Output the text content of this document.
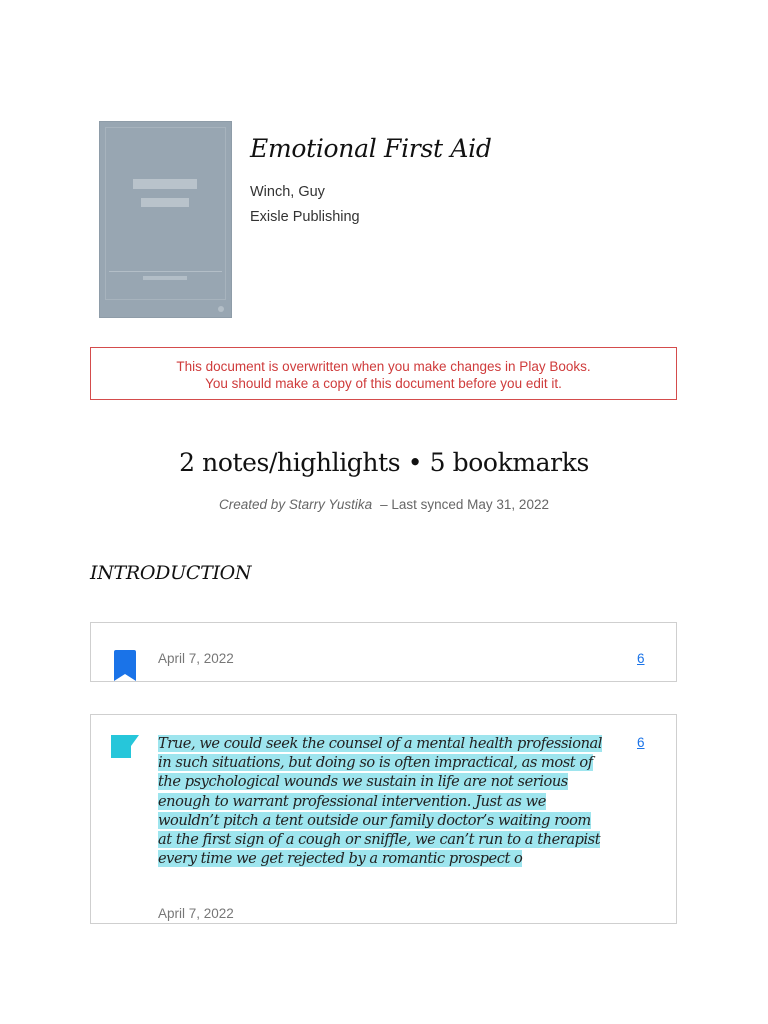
Emotional First Aid
Winch, Guy
Exisle Publishing
This document is overwritten when you make changes in Play Books.
You should make a copy of this document before you edit it.
2 notes/highlights • 5 bookmarks
Created by Starry Yustika – Last synced May 31, 2022
INTRODUCTION
April 7, 2022	6
True, we could seek the counsel of a mental health professional in such situations, but doing so is often impractical, as most of the psychological wounds we sustain in life are not serious enough to warrant professional intervention. Just as we wouldn’t pitch a tent outside our family doctor’s waiting room at the first sign of a cough or sniffle, we can’t run to a therapist every time we get rejected by a romantic prospect o
6
April 7, 2022
